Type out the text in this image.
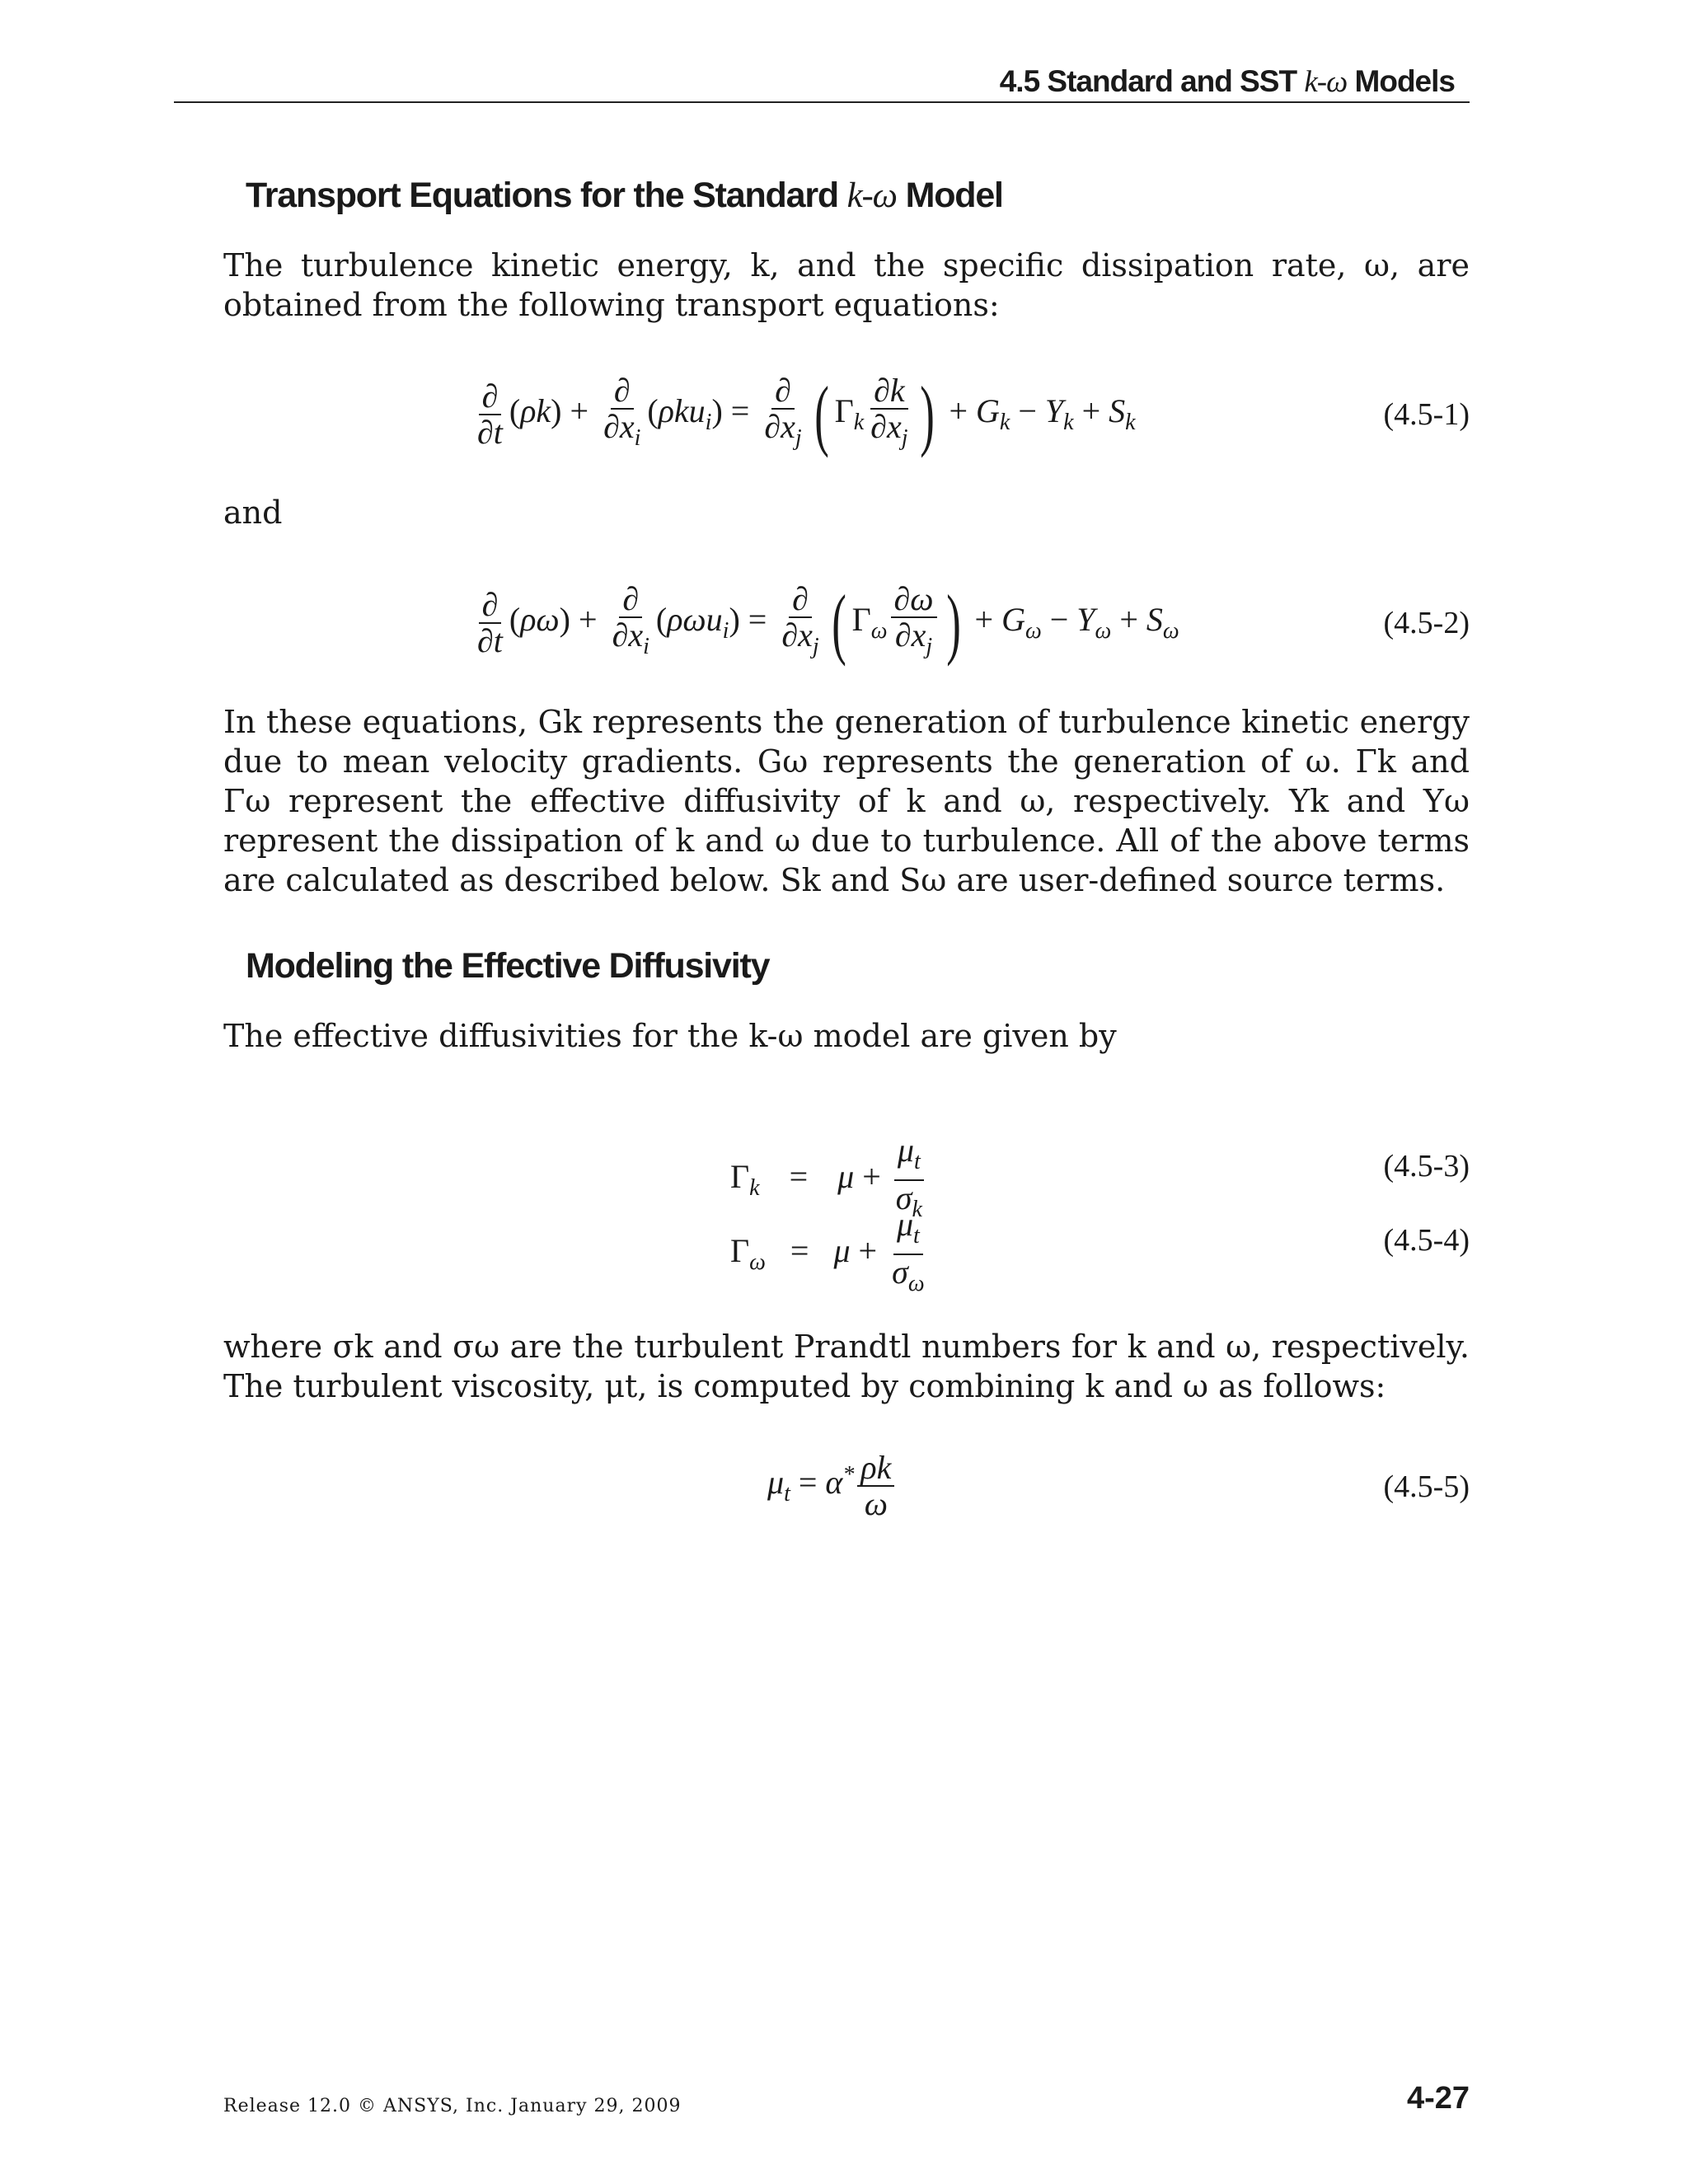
4.5 Standard and SST k-ω Models
Transport Equations for the Standard k-ω Model
The turbulence kinetic energy, k, and the specific dissipation rate, ω, are obtained from the following transport equations:
$\frac{\partial}{\partial t} (\rho k) + \frac{\partial}{\partial x_i} (\rho ku_i) = \frac{\partial}{\partial x_j}$ ( $\Gamma_k \frac{\partial k}{\partial x_j}$ ) + $G_k - Y_k + S_k$	(4.5-1)
and
$\frac{\partial}{\partial t} (\rho\omega) + \frac{\partial}{\partial x_i} (\rho\omega u_i) = \frac{\partial}{\partial x_j}$ ( $\Gamma_\omega \frac{\partial\omega}{\partial x_j}$ ) + $G_\omega - Y_\omega + S_\omega$	(4.5-2)
In these equations, Gk represents the generation of turbulence kinetic energy due to mean velocity gradients. Gω represents the generation of ω. Γk and Γω represent the effective diffusivity of k and ω, respectively. Yk and Yω represent the dissipation of k and ω due to turbulence. All of the above terms are calculated as described below. Sk and Sω are user-defined source terms.
Modeling the Effective Diffusivity
The effective diffusivities for the k-ω model are given by
$\Gamma_k = \mu + \frac{\mu_t}{\sigma_k}$	(4.5-3)
$\Gamma_\omega = \mu + \frac{\mu_t}{\sigma_\omega}$	(4.5-4)
where σk and σω are the turbulent Prandtl numbers for k and ω, respectively. The turbulent viscosity, μt, is computed by combining k and ω as follows:
$\mu_t = \alpha^* \frac{\rho k}{\omega}$	(4.5-5)
Release 12.0 © ANSYS, Inc. January 29, 2009	4-27
